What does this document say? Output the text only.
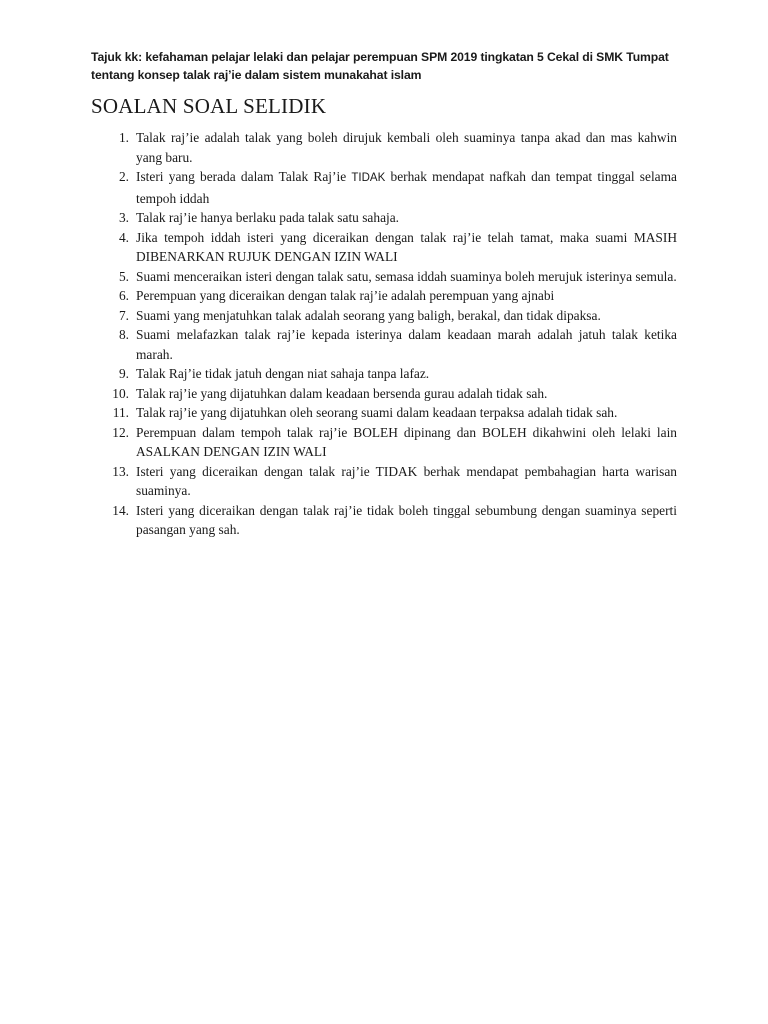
Tajuk kk: kefahaman pelajar lelaki dan pelajar perempuan SPM 2019 tingkatan 5 Cekal di SMK Tumpat
tentang konsep talak raj’ie dalam sistem munakahat islam
SOALAN SOAL SELIDIK
1. Talak raj’ie adalah talak yang boleh dirujuk kembali oleh suaminya tanpa akad dan mas kahwin yang baru.
2. Isteri yang berada dalam Talak Raj’ie TIDAK berhak mendapat nafkah dan tempat tinggal selama tempoh iddah
3. Talak raj’ie hanya berlaku pada talak satu sahaja.
4. Jika tempoh iddah isteri yang diceraikan dengan talak raj’ie telah tamat, maka suami MASIH DIBENARKAN RUJUK DENGAN IZIN WALI
5. Suami menceraikan isteri dengan talak satu, semasa iddah suaminya boleh merujuk isterinya semula.
6. Perempuan yang diceraikan dengan talak raj’ie adalah perempuan yang ajnabi
7. Suami yang menjatuhkan talak adalah seorang yang baligh, berakal, dan tidak dipaksa.
8. Suami melafazkan talak raj’ie kepada isterinya dalam keadaan marah adalah jatuh talak ketika marah.
9. Talak Raj’ie tidak jatuh dengan niat sahaja tanpa lafaz.
10. Talak raj’ie yang dijatuhkan dalam keadaan bersenda gurau adalah tidak sah.
11. Talak raj’ie yang dijatuhkan oleh seorang suami dalam keadaan terpaksa adalah tidak sah.
12. Perempuan dalam tempoh talak raj’ie BOLEH dipinang dan BOLEH dikahwini oleh lelaki lain ASALKAN DENGAN IZIN WALI
13. Isteri yang diceraikan dengan talak raj’ie TIDAK berhak mendapat pembahagian harta warisan suaminya.
14. Isteri yang diceraikan dengan talak raj’ie tidak boleh tinggal sebumbung dengan suaminya seperti pasangan yang sah.
